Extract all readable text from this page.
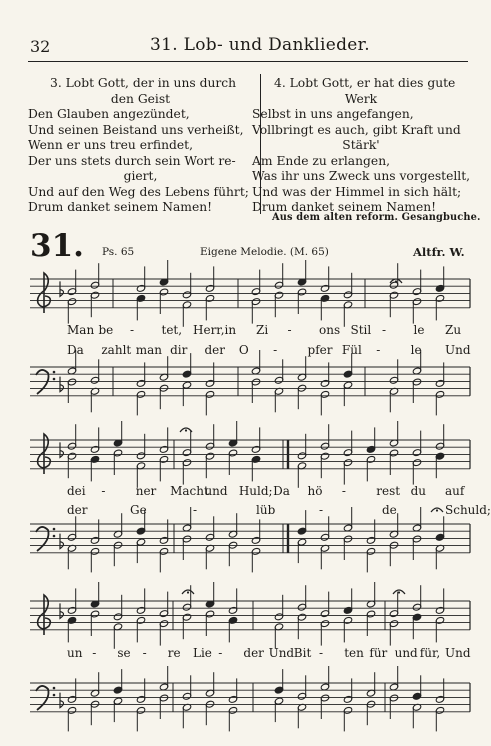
32	31. Lob- und Danklieder.
3. Lobt Gott, der in uns durch
den Geist
Den Glauben angezündet,
Und seinen Beistand uns verheißt,
Wenn er uns treu erfindet,
Der uns stets durch sein Wort re-
giert,
Und auf den Weg des Lebens führt;
Drum danket seinem Namen!
4. Lobt Gott, er hat dies gute
Werk
Selbst in uns angefangen,
Vollbringt es auch, gibt Kraft und
Stärk'
Am Ende zu erlangen,
Was ihr uns Zweck uns vorgestellt,
Und was der Himmel in sich hält;
Drum danket seinem Namen!
Aus dem alten reform. Gesangbuche.
31. Ps. 65	Eigene Melodie. (M. 65)	Altfr. W.
Man be - tet, Herr, in Zi - ons Stil - le Zu
Da zahlt man dir der O -	pfer Fül -	le Und
dei -	ner Macht
und Huld; Da hö -	rest du auf
der	Ge	-	lüb	-	de	Schuld;
un - se - re Lie - der Und Bit - ten für und für, Und
